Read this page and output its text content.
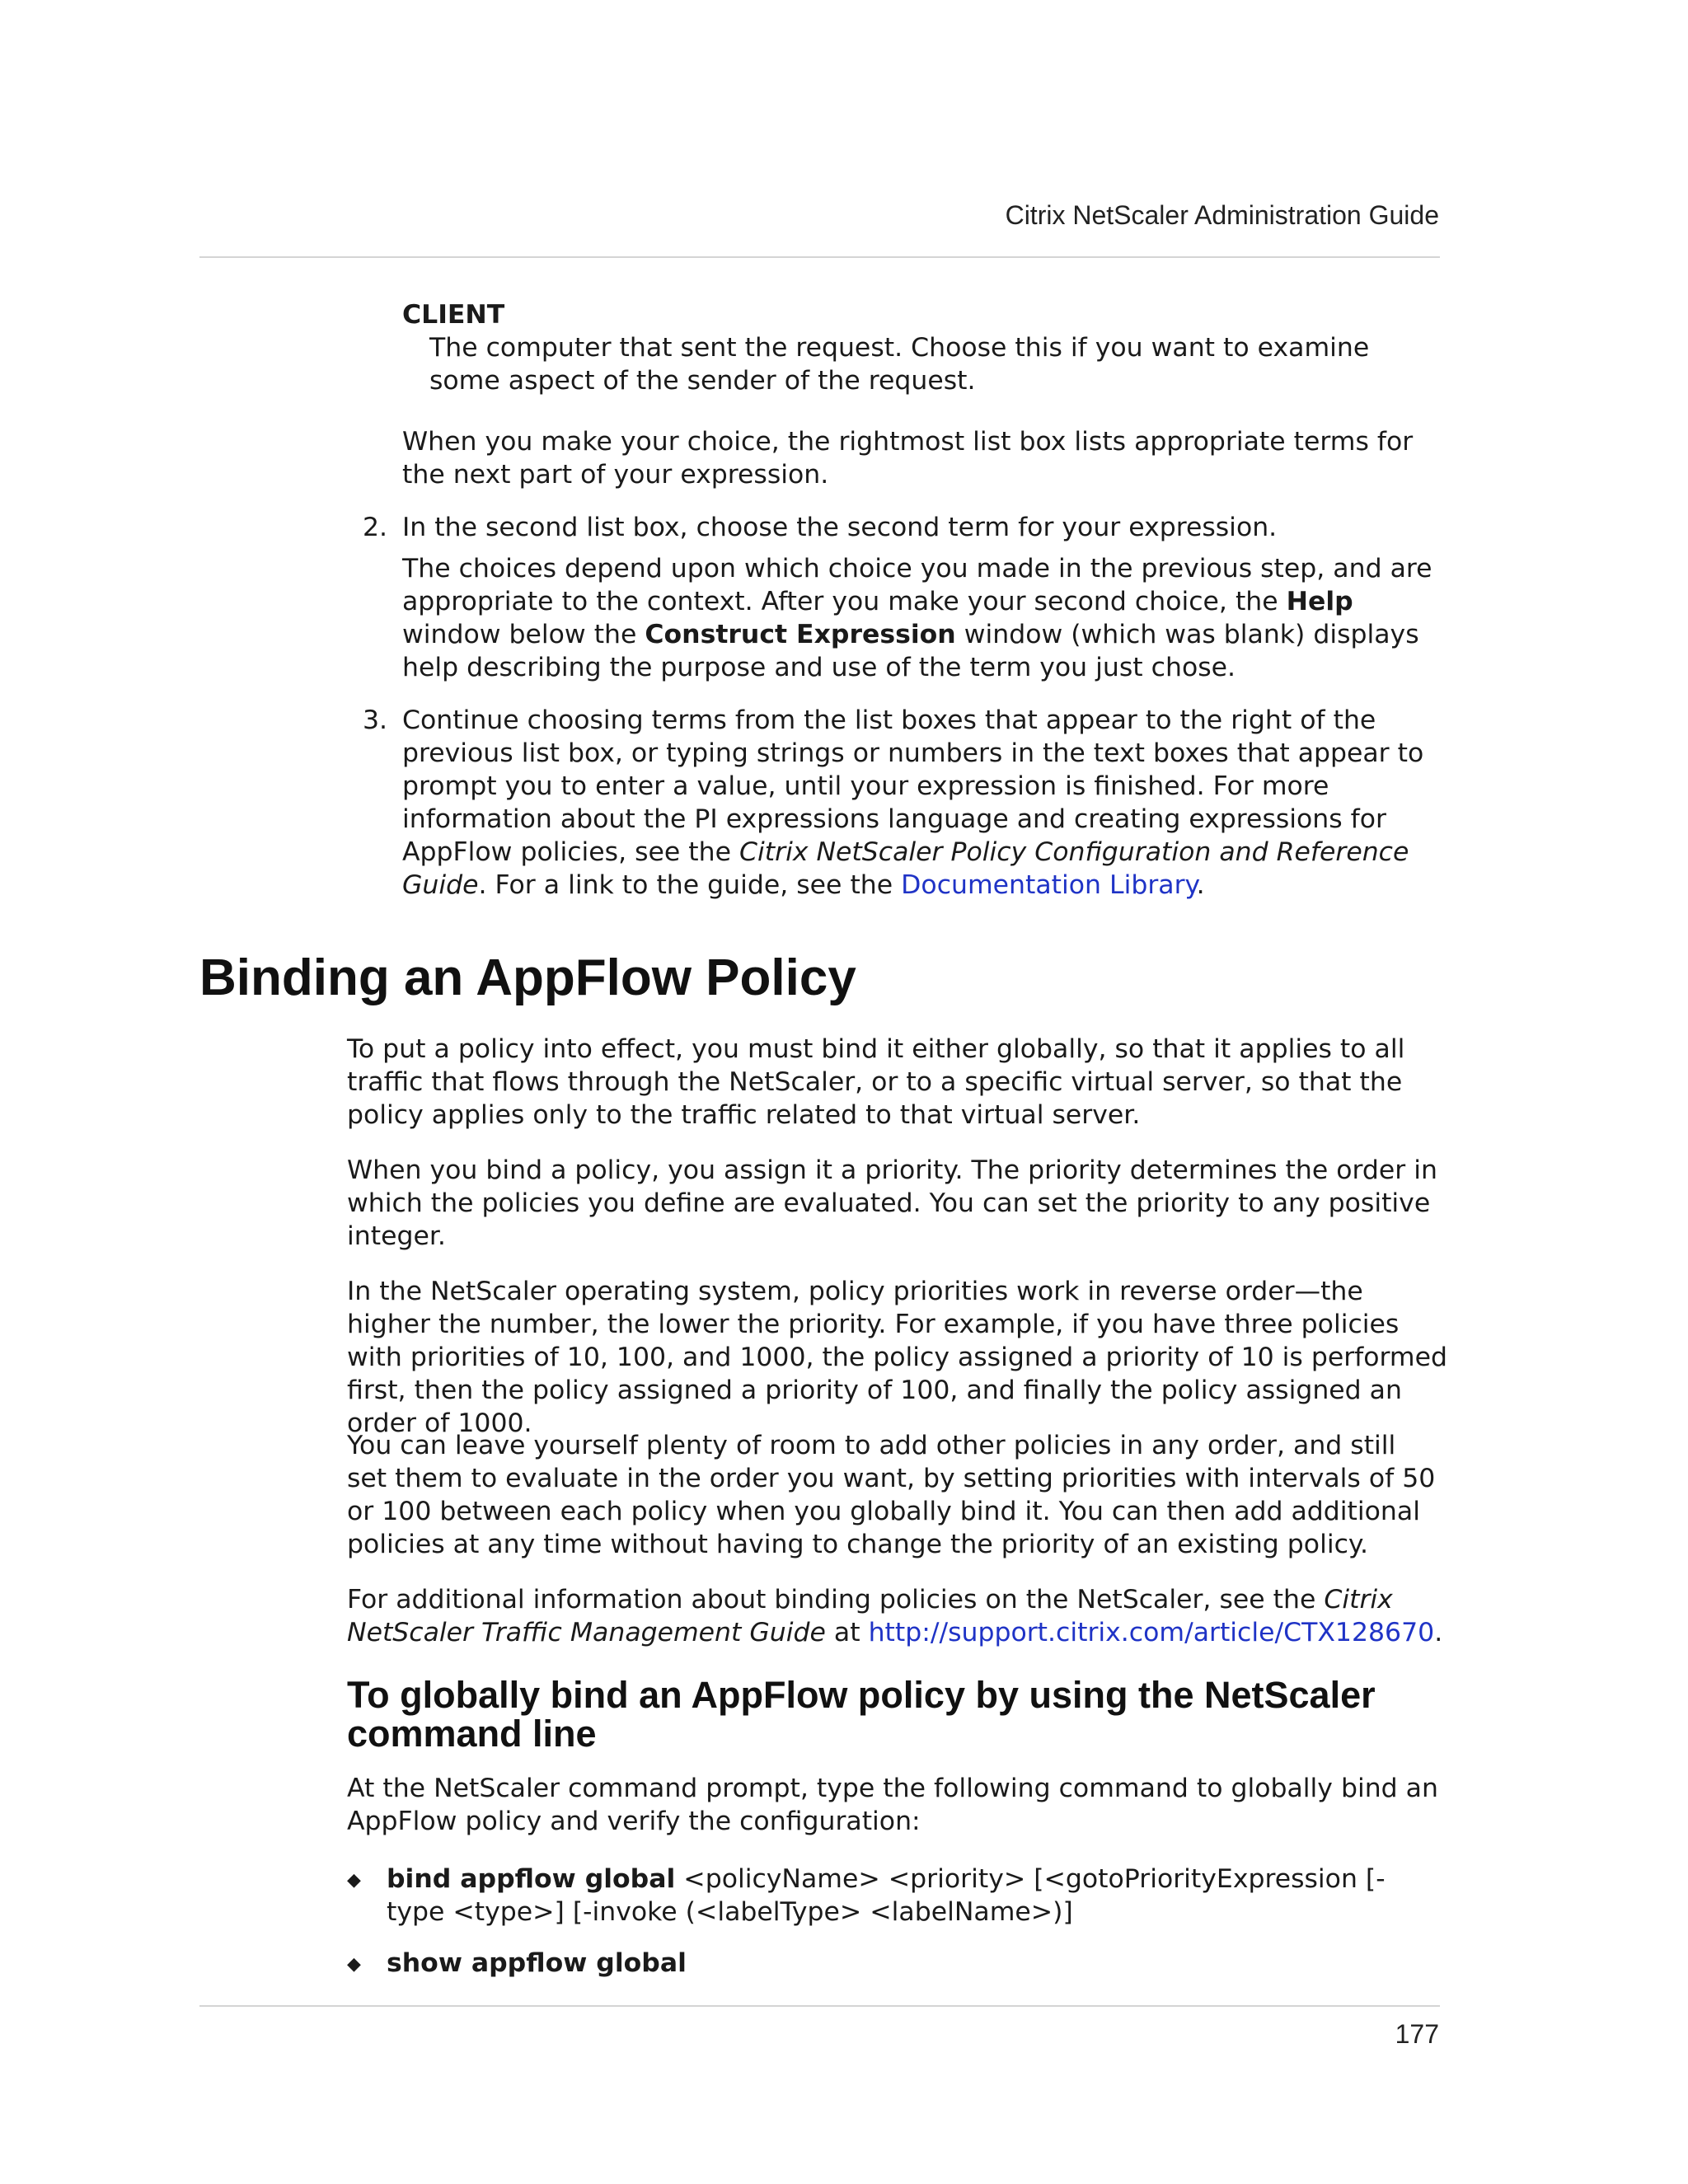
Citrix NetScaler Administration Guide

CLIENT

The computer that sent the request. Choose this if you want to examine some aspect of the sender of the request.

When you make your choice, the rightmost list box lists appropriate terms for the next part of your expression.

2. In the second list box, choose the second term for your expression.

The choices depend upon which choice you made in the previous step, and are appropriate to the context. After you make your second choice, the Help window below the Construct Expression window (which was blank) displays help describing the purpose and use of the term you just chose.

3. Continue choosing terms from the list boxes that appear to the right of the previous list box, or typing strings or numbers in the text boxes that appear to prompt you to enter a value, until your expression is finished. For more information about the PI expressions language and creating expressions for AppFlow policies, see the Citrix NetScaler Policy Configuration and Reference Guide. For a link to the guide, see the Documentation Library.

Binding an AppFlow Policy

To put a policy into effect, you must bind it either globally, so that it applies to all traffic that flows through the NetScaler, or to a specific virtual server, so that the policy applies only to the traffic related to that virtual server.

When you bind a policy, you assign it a priority. The priority determines the order in which the policies you define are evaluated. You can set the priority to any positive integer.

In the NetScaler operating system, policy priorities work in reverse order—the higher the number, the lower the priority. For example, if you have three policies with priorities of 10, 100, and 1000, the policy assigned a priority of 10 is performed first, then the policy assigned a priority of 100, and finally the policy assigned an order of 1000.

You can leave yourself plenty of room to add other policies in any order, and still set them to evaluate in the order you want, by setting priorities with intervals of 50 or 100 between each policy when you globally bind it. You can then add additional policies at any time without having to change the priority of an existing policy.

For additional information about binding policies on the NetScaler, see the Citrix NetScaler Traffic Management Guide at http://support.citrix.com/article/CTX128670.

To globally bind an AppFlow policy by using the NetScaler command line

At the NetScaler command prompt, type the following command to globally bind an AppFlow policy and verify the configuration:

◆ bind appflow global <policyName> <priority> [<gotoPriorityExpression [-type <type>] [-invoke (<labelType> <labelName>)]

◆ show appflow global

177
